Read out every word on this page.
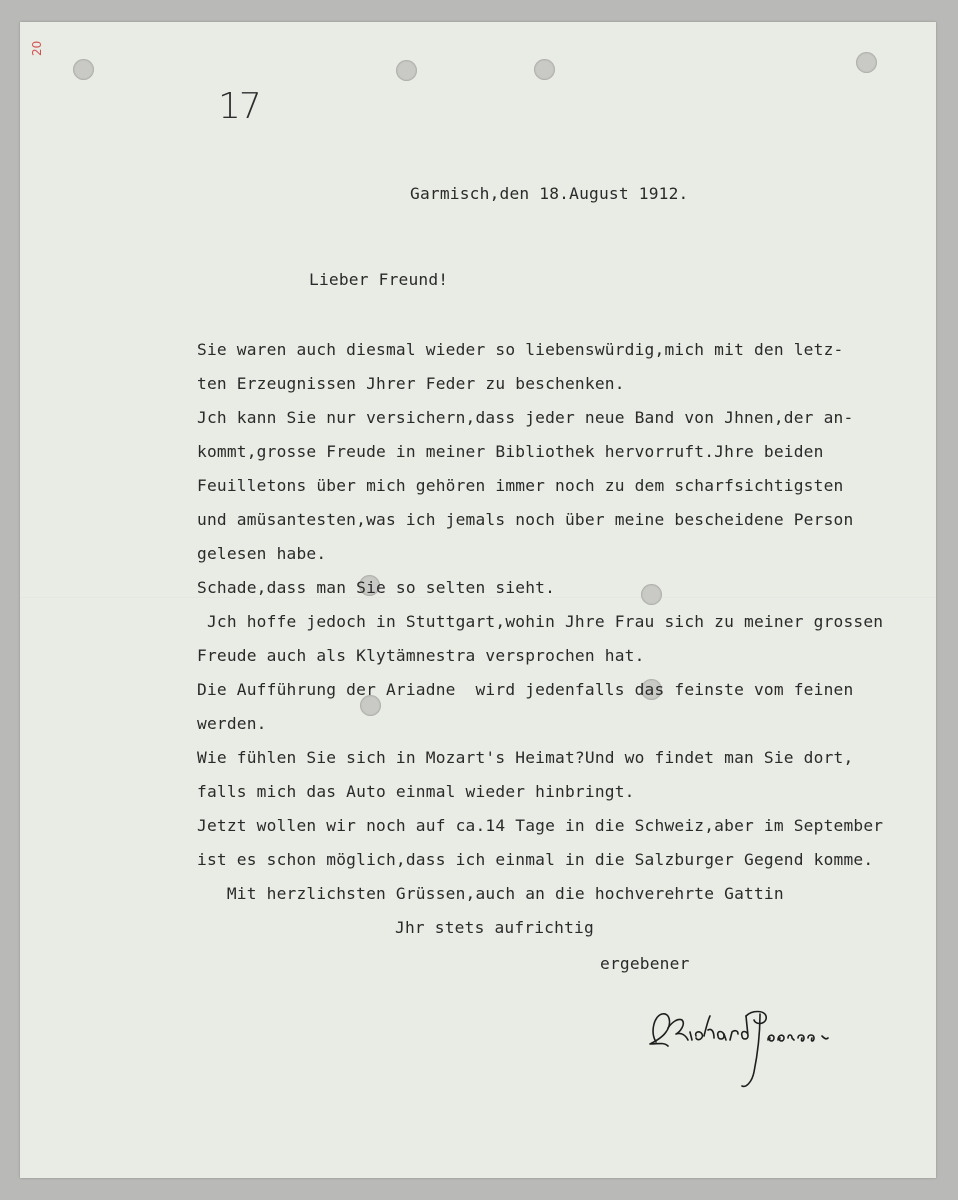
20
17
Garmisch,den 18.August 1912.
Lieber Freund!
Sie waren auch diesmal wieder so liebenswürdig,mich mit den letz-
ten Erzeugnissen Jhrer Feder zu beschenken.
Jch kann Sie nur versichern,dass jeder neue Band von Jhnen,der an-
kommt,grosse Freude in meiner Bibliothek hervorruft.Jhre beiden
Feuilletons über mich gehören immer noch zu dem scharfsichtigsten
und amüsantesten,was ich jemals noch über meine bescheidene Person
gelesen habe.
Schade,dass man Sie so selten sieht.
Jch hoffe jedoch in Stuttgart,wohin Jhre Frau sich zu meiner grossen
Freude auch als Klytämnestra versprochen hat.
Die Aufführung der Ariadne  wird jedenfalls das feinste vom feinen
werden.
Wie fühlen Sie sich in Mozart's Heimat?Und wo findet man Sie dort,
falls mich das Auto einmal wieder hinbringt.
Jetzt wollen wir noch auf ca.14 Tage in die Schweiz,aber im September
ist es schon möglich,dass ich einmal in die Salzburger Gegend komme.
Mit herzlichsten Grüssen,auch an die hochverehrte Gattin
Jhr stets aufrichtig
ergebener
